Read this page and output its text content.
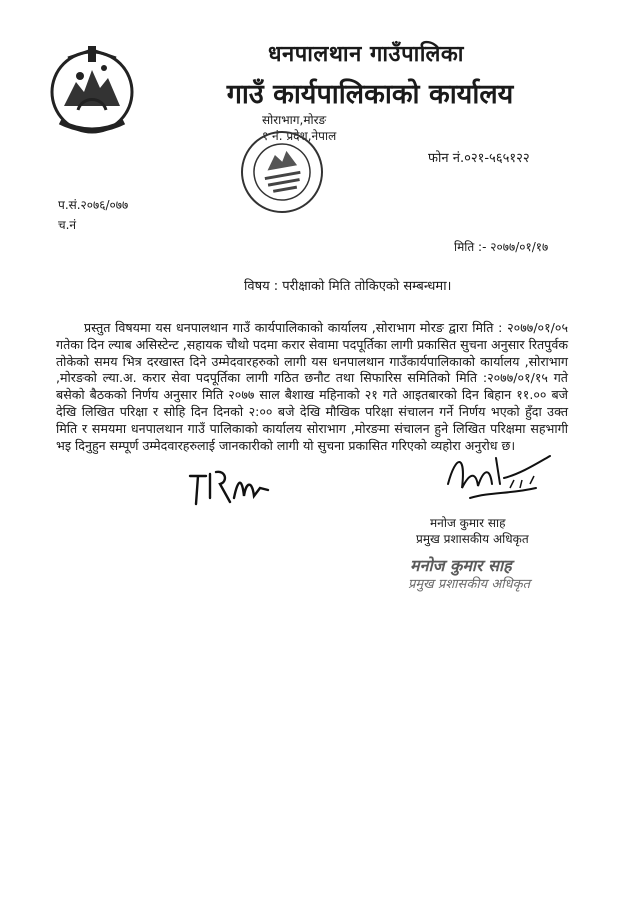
धनपालथान गाउँपालिका
गाउँ कार्यपालिकाको कार्यालय
सोराभाग,मोरङ
१ नं. प्रदेश,नेपाल
फोन नं.०२१-५६५१२२
प.सं.२०७६/०७७
च.नं
मिति :- २०७७/०१/१७
विषय : परीक्षाको मिति तोकिएको सम्बन्धमा।
प्रस्तुत विषयमा यस धनपालथान गाउँ कार्यपालिकाको कार्यालय ,सोराभाग मोरङ द्वारा मिति : २०७७/०१/०५ गतेका दिन ल्याब असिस्टेन्ट ,सहायक चौथो पदमा करार सेवामा पदपूर्तिका लागी प्रकासित सुचना अनुसार रितपुर्वक तोकेको समय भित्र दरखास्त दिने उम्मेदवारहरुको लागी यस धनपालथान गाउँकार्यपालिकाको कार्यालय ,सोराभाग ,मोरङको ल्या.अ. करार सेवा पदपूर्तिका लागी गठित छनौट तथा सिफारिस समितिको मिति :२०७७/०१/१५ गते बसेको बैठकको निर्णय अनुसार मिति २०७७ साल बैशाख महिनाको २१ गते आइतबारको दिन बिहान ११.०० बजे देखि लिखित परिक्षा र सोहि दिन दिनको २:०० बजे देखि मौखिक परिक्षा संचालन गर्ने निर्णय भएको हुँदा उक्त मिति र समयमा धनपालथान गाउँ पालिकाको कार्यालय सोराभाग ,मोरङमा संचालन हुने लिखित परिक्षमा सहभागी भइ दिनुहुन सम्पूर्ण उम्मेदवारहरुलाई जानकारीको लागी यो सुचना प्रकासित गरिएको व्यहोरा अनुरोध छ।
मनोज कुमार साह
प्रमुख प्रशासकीय अधिकृत
मनोज कुमार साह
प्रमुख प्रशासकीय अधिकृत
